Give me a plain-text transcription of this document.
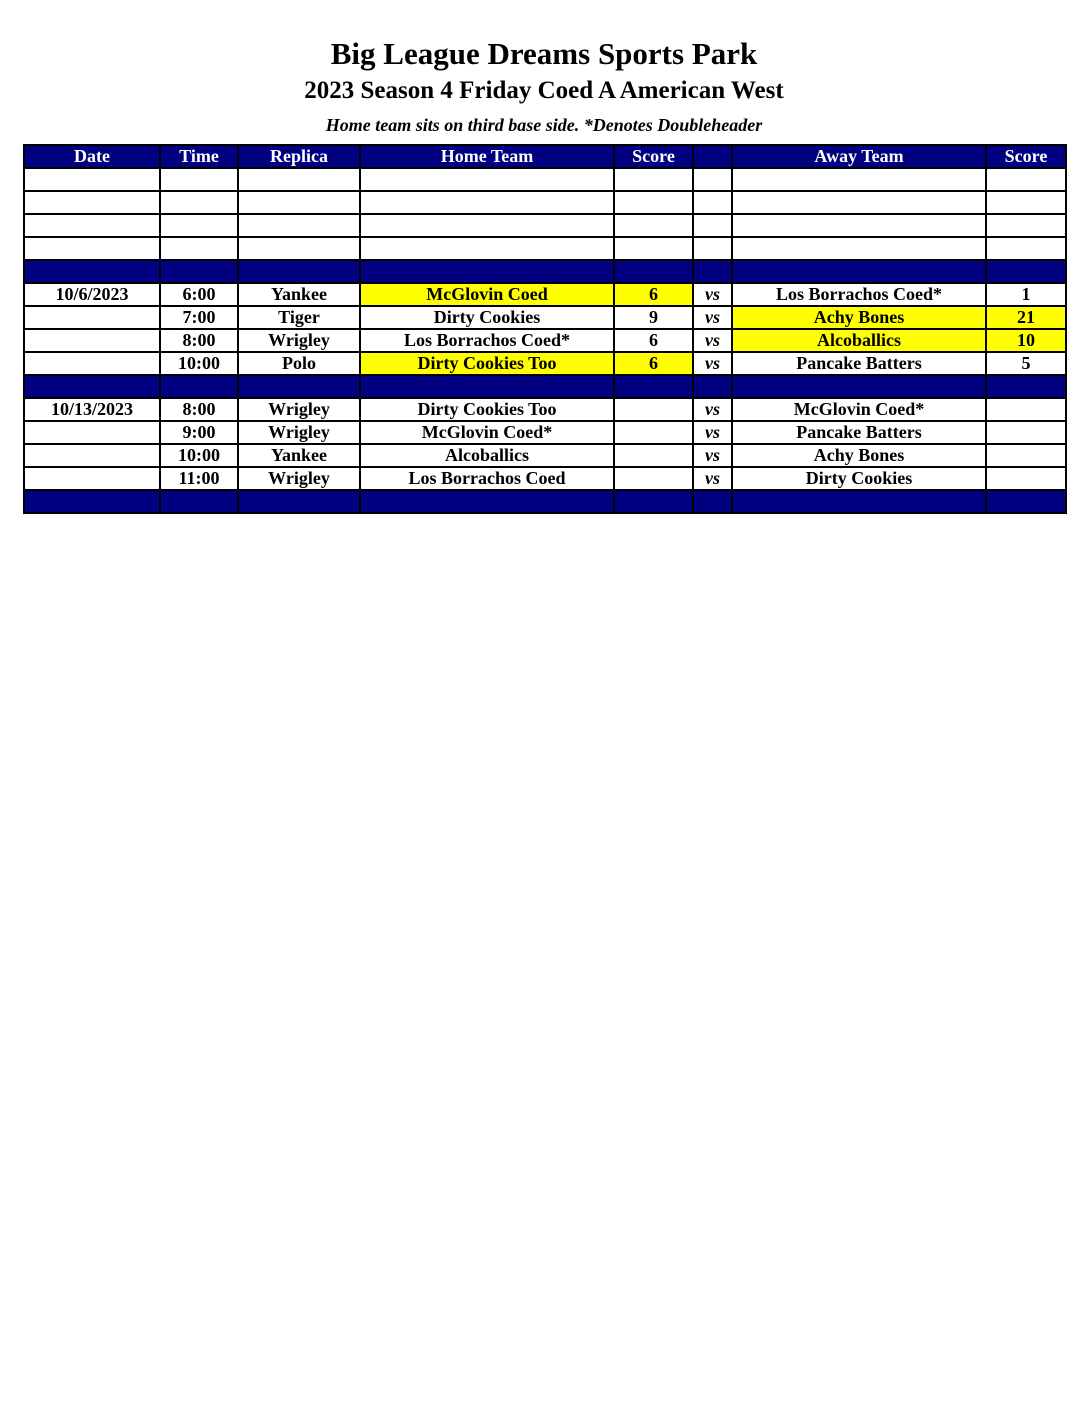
Big League Dreams Sports Park
2023 Season 4 Friday Coed A American West
Home team sits on third base side. *Denotes Doubleheader
Date	Time	Replica	Home Team	Score		Away Team	Score

10/6/2023	6:00	Yankee	McGlovin Coed	6	vs	Los Borrachos Coed*	1
	7:00	Tiger	Dirty Cookies	9	vs	Achy Bones	21
	8:00	Wrigley	Los Borrachos Coed*	6	vs	Alcoballics	10
	10:00	Polo	Dirty Cookies Too	6	vs	Pancake Batters	5

10/13/2023	8:00	Wrigley	Dirty Cookies Too		vs	McGlovin Coed*	
	9:00	Wrigley	McGlovin Coed*		vs	Pancake Batters	
	10:00	Yankee	Alcoballics		vs	Achy Bones	
	11:00	Wrigley	Los Borrachos Coed		vs	Dirty Cookies	
